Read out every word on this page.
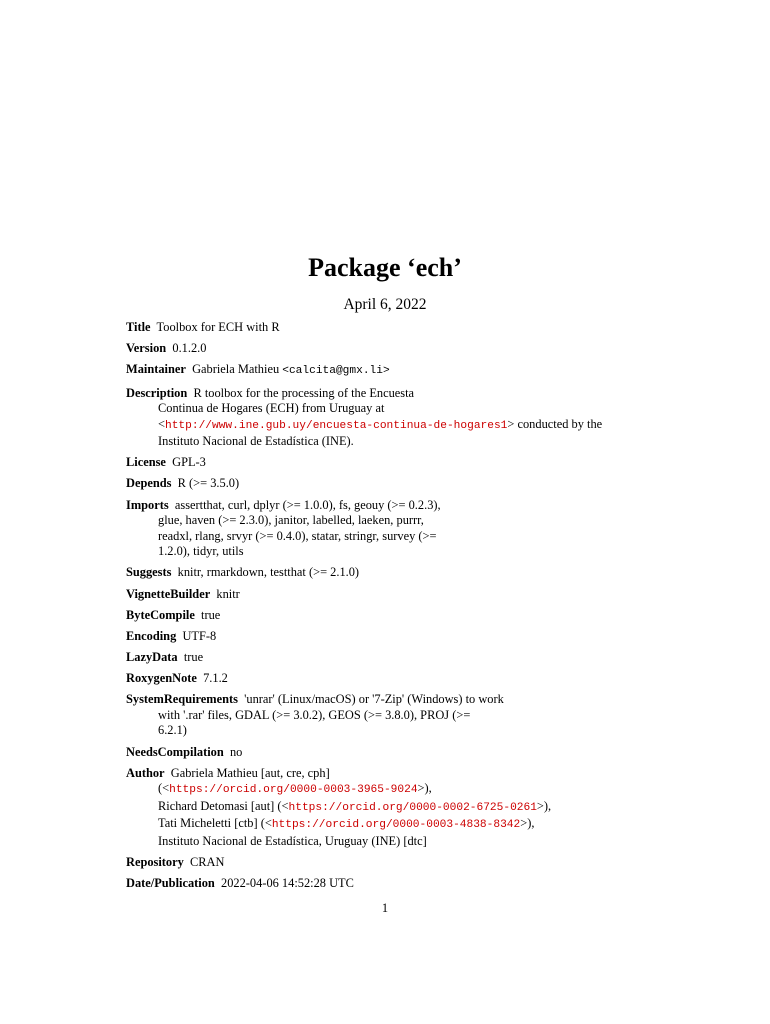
Package ‘ech’
April 6, 2022
Title Toolbox for ECH with R
Version 0.1.2.0
Maintainer Gabriela Mathieu <calcita@gmx.li>
Description R toolbox for the processing of the Encuesta
Continua de Hogares (ECH) from Uruguay at
<http://www.ine.gub.uy/encuesta-continua-de-hogares1> conducted by the
Instituto Nacional de Estadística (INE).
License GPL-3
Depends R (>= 3.5.0)
Imports assertthat, curl, dplyr (>= 1.0.0), fs, geouy (>= 0.2.3),
glue, haven (>= 2.3.0), janitor, labelled, laeken, purrr,
readxl, rlang, srvyr (>= 0.4.0), statar, stringr, survey (>=
1.2.0), tidyr, utils
Suggests knitr, rmarkdown, testthat (>= 2.1.0)
VignetteBuilder knitr
ByteCompile true
Encoding UTF-8
LazyData true
RoxygenNote 7.1.2
SystemRequirements 'unrar' (Linux/macOS) or '7-Zip' (Windows) to work
with '.rar' files, GDAL (>= 3.0.2), GEOS (>= 3.8.0), PROJ (>=
6.2.1)
NeedsCompilation no
Author Gabriela Mathieu [aut, cre, cph]
(<https://orcid.org/0000-0003-3965-9024>),
Richard Detomasi [aut] (<https://orcid.org/0000-0002-6725-0261>),
Tati Micheletti [ctb] (<https://orcid.org/0000-0003-4838-8342>),
Instituto Nacional de Estadística, Uruguay (INE) [dtc]
Repository CRAN
Date/Publication 2022-04-06 14:52:28 UTC
1
